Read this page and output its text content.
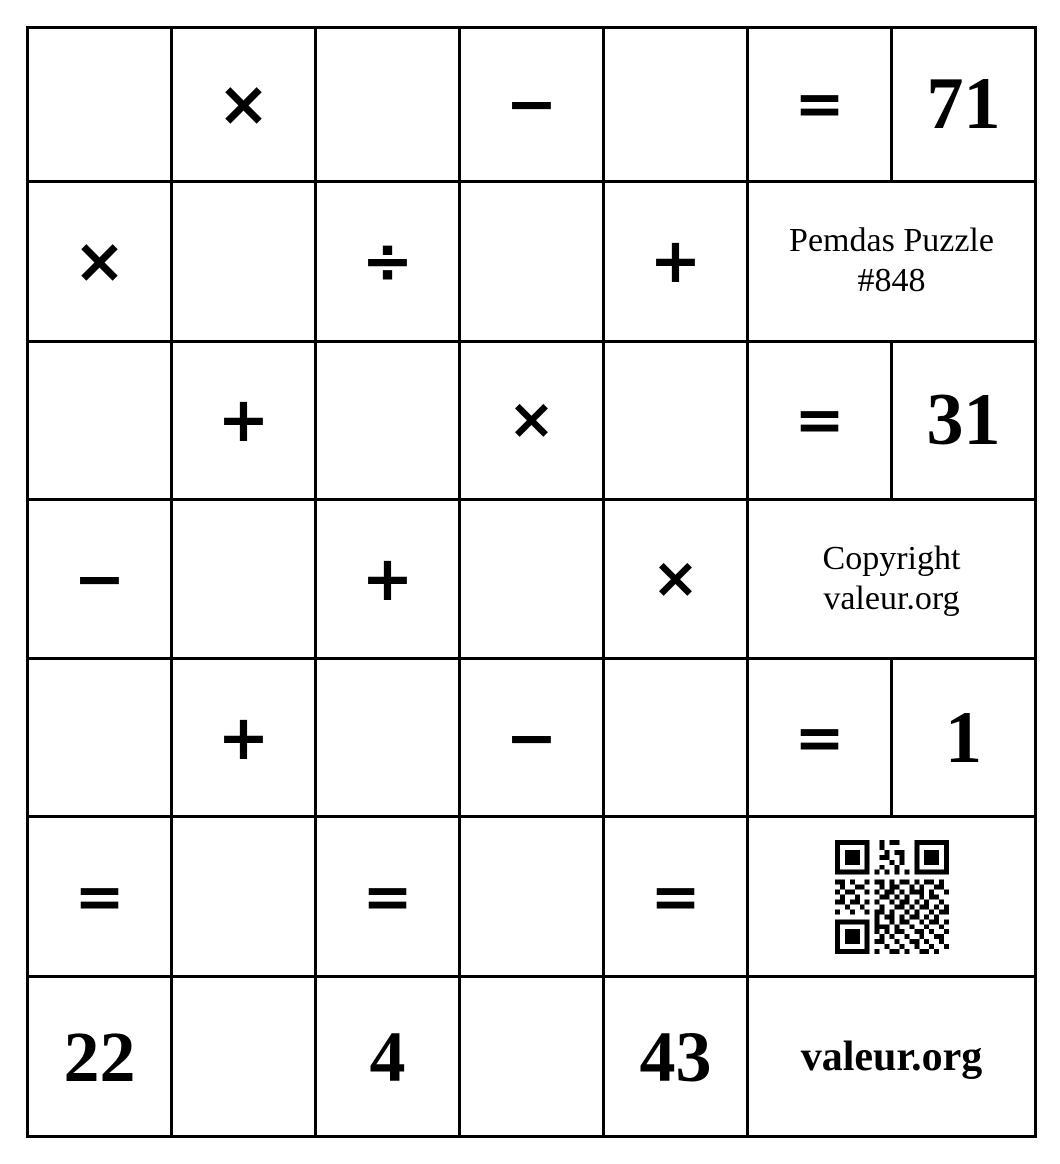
	×		−		=	71

×		÷		+	Pemdas Puzzle #848	

	+		×		=	31

−		+		×	Copyright valeur.org	

	+		−		=	1

=		=		=

22		4		43	valeur.org	
